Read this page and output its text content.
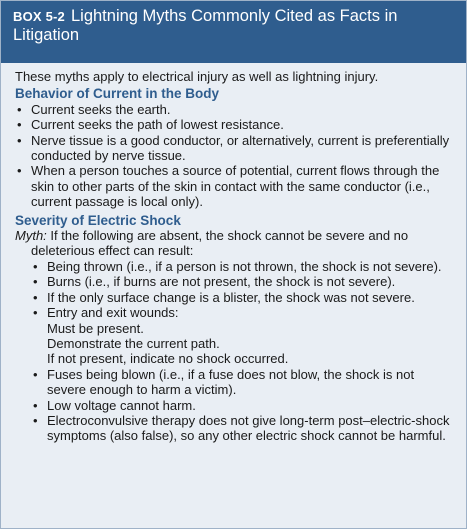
BOX 5-2 Lightning Myths Commonly Cited as Facts in Litigation

These myths apply to electrical injury as well as lightning injury.

Behavior of Current in the Body
• Current seeks the earth.
• Current seeks the path of lowest resistance.
• Nerve tissue is a good conductor, or alternatively, current is preferentially conducted by nerve tissue.
• When a person touches a source of potential, current flows through the skin to other parts of the skin in contact with the same conductor (i.e., current passage is local only).
Severity of Electric Shock
Myth: If the following are absent, the shock cannot be severe and no deleterious effect can result:
• Being thrown (i.e., if a person is not thrown, the shock is not severe).
• Burns (i.e., if burns are not present, the shock is not severe).
• If the only surface change is a blister, the shock was not severe.
• Entry and exit wounds:
Must be present.
Demonstrate the current path.
If not present, indicate no shock occurred.
• Fuses being blown (i.e., if a fuse does not blow, the shock is not severe enough to harm a victim).
• Low voltage cannot harm.
• Electroconvulsive therapy does not give long-term post–electric-shock symptoms (also false), so any other electric shock cannot be harmful.
